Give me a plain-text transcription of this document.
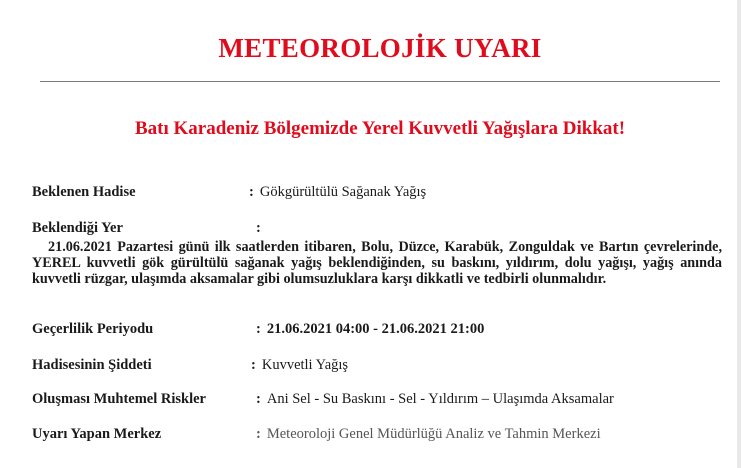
METEOROLOJİK UYARI
Batı Karadeniz Bölgemizde Yerel Kuvvetli Yağışlara Dikkat!
Beklenen Hadise	: Gökgürültülü Sağanak Yağış
Beklendiği Yer	:
21.06.2021 Pazartesi günü ilk saatlerden itibaren, Bolu, Düzce, Karabük, Zonguldak ve Bartın çevrelerinde, YEREL kuvvetli gök gürültülü sağanak yağış beklendiğinden, su baskını, yıldırım, dolu yağışı, yağış anında kuvvetli rüzgar, ulaşımda aksamalar gibi olumsuzluklara karşı dikkatli ve tedbirli olunmalıdır.
Geçerlilik Periyodu	: 21.06.2021 04:00 - 21.06.2021 21:00
Hadisesinin Şiddeti	: Kuvvetli Yağış
Oluşması Muhtemel Riskler	: Ani Sel - Su Baskını - Sel - Yıldırım – Ulaşımda Aksamalar
Uyarı Yapan Merkez	: Meteoroloji Genel Müdürlüğü Analiz ve Tahmin Merkezi
